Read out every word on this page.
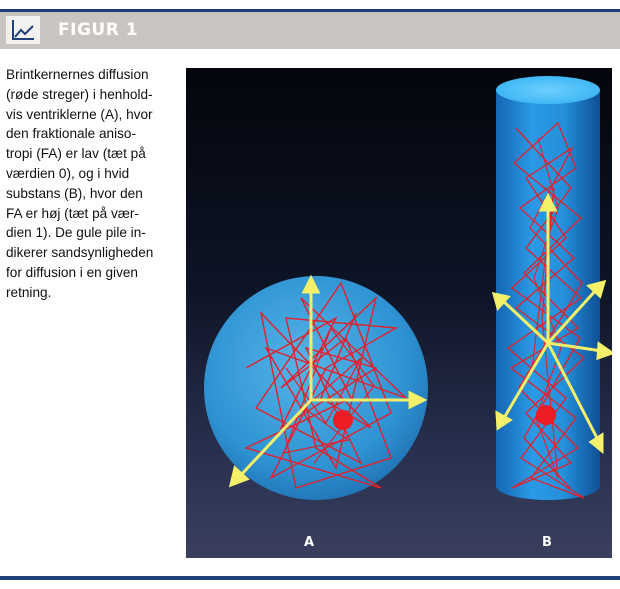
FIGUR 1
Brintkernernes diffusion
(røde streger) i henhold-
vis ventriklerne (A), hvor
den fraktionale aniso-
tropi (FA) er lav (tæt på
værdien 0), og i hvid
substans (B), hvor den
FA er høj (tæt på vær-
dien 1). De gule pile in-
dikerer sandsynligheden
for diffusion i en given
retning.
A	B
